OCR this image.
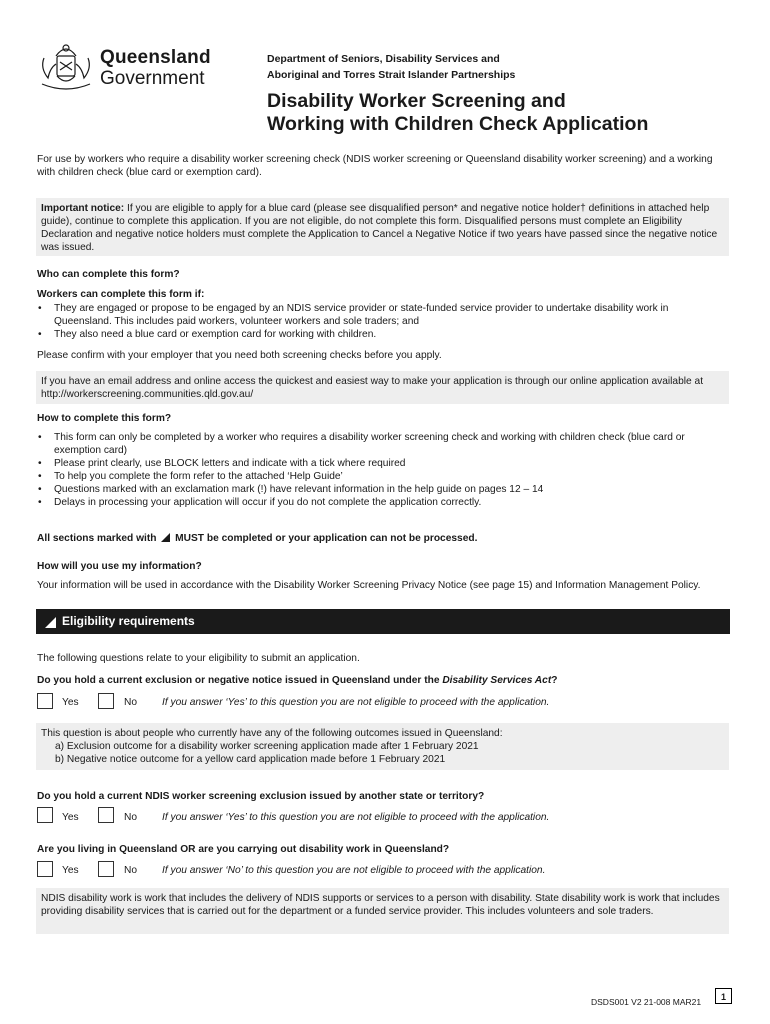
Queensland
Government
Department of Seniors, Disability Services and
Aboriginal and Torres Strait Islander Partnerships
Disability Worker Screening and
Working with Children Check Application
For use by workers who require a disability worker screening check (NDIS worker screening or Queensland disability worker screening) and a working with children check (blue card or exemption card).
Important notice: If you are eligible to apply for a blue card (please see disqualified person* and negative notice holder† definitions in attached help guide), continue to complete this application. If you are not eligible, do not complete this form. Disqualified persons must complete an Eligibility Declaration and negative notice holders must complete the Application to Cancel a Negative Notice if two years have passed since the negative notice was issued.
Who can complete this form?
Workers can complete this form if:
• They are engaged or propose to be engaged by an NDIS service provider or state-funded service provider to undertake disability work in Queensland. This includes paid workers, volunteer workers and sole traders; and
• They also need a blue card or exemption card for working with children.
Please confirm with your employer that you need both screening checks before you apply.
If you have an email address and online access the quickest and easiest way to make your application is through our online application available at http://workerscreening.communities.qld.gov.au/
How to complete this form?
• This form can only be completed by a worker who requires a disability worker screening check and working with children check (blue card or exemption card)
• Please print clearly, use BLOCK letters and indicate with a tick where required
• To help you complete the form refer to the attached ‘Help Guide’
• Questions marked with an exclamation mark (!) have relevant information in the help guide on pages 12 – 14
• Delays in processing your application will occur if you do not complete the application correctly.
All sections marked with MUST be completed or your application can not be processed.
How will you use my information?
Your information will be used in accordance with the Disability Worker Screening Privacy Notice (see page 15) and Information Management Policy.
Eligibility requirements
The following questions relate to your eligibility to submit an application.
Do you hold a current exclusion or negative notice issued in Queensland under the Disability Services Act?
Yes	No If you answer ‘Yes’ to this question you are not eligible to proceed with the application.
This question is about people who currently have any of the following outcomes issued in Queensland:
a) Exclusion outcome for a disability worker screening application made after 1 February 2021
b) Negative notice outcome for a yellow card application made before 1 February 2021
Do you hold a current NDIS worker screening exclusion issued by another state or territory?
Yes	No If you answer ‘Yes’ to this question you are not eligible to proceed with the application.
Are you living in Queensland OR are you carrying out disability work in Queensland?
Yes	No If you answer ‘No’ to this question you are not eligible to proceed with the application.
NDIS disability work is work that includes the delivery of NDIS supports or services to a person with disability. State disability work is work that includes providing disability services that is carried out for the department or a funded service provider. This includes volunteers and sole traders.
DSDS001 V2 21-008 MAR21	1
